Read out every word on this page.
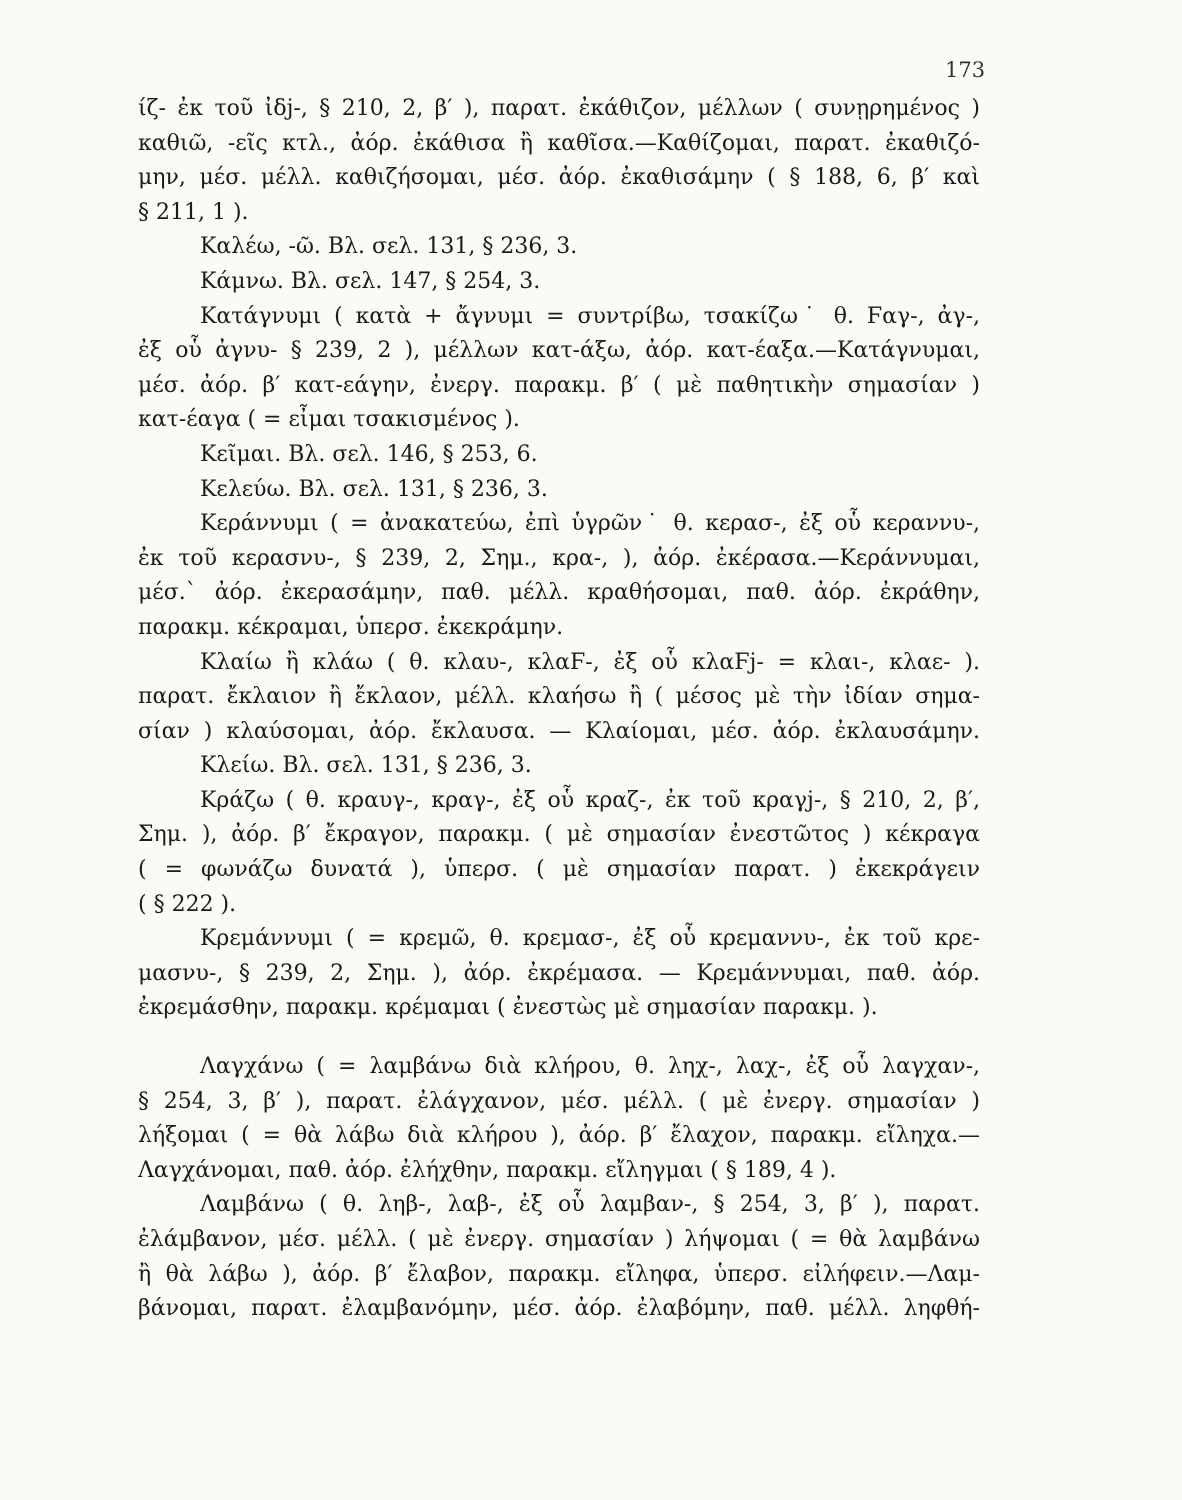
173
ίζ- ἐκ τοῦ ἰδj-, § 210, 2, β′ ), παρατ. ἐκάθιζον, μέλλων ( συνῃρημένος )
καθιῶ, -εῖς κτλ., ἀόρ. ἐκάθισα ἢ καθῖσα.—Καθίζομαι, παρατ. ἐκαθιζό-
μην, μέσ. μέλλ. καθιζήσομαι, μέσ. ἀόρ. ἐκαθισάμην ( § 188, 6, β′ καὶ
§ 211, 1 ).
Καλέω, -ῶ. Βλ. σελ. 131, § 236, 3.
Κάμνω. Βλ. σελ. 147, § 254, 3.
Κατάγνυμι ( κατὰ + ἄγνυμι = συντρίβω, τσακίζω˙ θ. Ϝαγ-, ἀγ-,
ἐξ οὗ ἀγνυ- § 239, 2 ), μέλλων κατ-άξω, ἀόρ. κατ-έαξα.—Κατάγνυμαι,
μέσ. ἀόρ. β′ κατ-εάγην, ἐνεργ. παρακμ. β′ ( μὲ παθητικὴν σημασίαν )
κατ-έαγα ( = εἶμαι τσακισμένος ).
Κεῖμαι. Βλ. σελ. 146, § 253, 6.
Κελεύω. Βλ. σελ. 131, § 236, 3.
Κεράννυμι ( = ἀνακατεύω, ἐπὶ ὑγρῶν˙ θ. κερασ-, ἐξ οὗ κεραννυ-,
ἐκ τοῦ κερασνυ-, § 239, 2, Σημ., κρα-, ), ἀόρ. ἐκέρασα.—Κεράννυμαι,
μέσ.` ἀόρ. ἐκερασάμην, παθ. μέλλ. κραθήσομαι, παθ. ἀόρ. ἐκράθην,
παρακμ. κέκραμαι, ὑπερσ. ἐκεκράμην.
Κλαίω ἢ κλάω ( θ. κλαυ-, κλαϜ-, ἐξ οὗ κλαϜj- = κλαι-, κλαε- ).
παρατ. ἔκλαιον ἢ ἔκλαον, μέλλ. κλαήσω ἢ ( μέσος μὲ τὴν ἰδίαν σημα-
σίαν ) κλαύσομαι, ἀόρ. ἔκλαυσα. — Κλαίομαι, μέσ. ἀόρ. ἐκλαυσάμην.
Κλείω. Βλ. σελ. 131, § 236, 3.
Κράζω ( θ. κραυγ-, κραγ-, ἐξ οὗ κραζ-, ἐκ τοῦ κραγj-, § 210, 2, β′,
Σημ. ), ἀόρ. β′ ἔκραγον, παρακμ. ( μὲ σημασίαν ἐνεστῶτος ) κέκραγα
( = φωνάζω δυνατά ), ὑπερσ. ( μὲ σημασίαν παρατ. ) ἐκεκράγειν
( § 222 ).
Κρεμάννυμι ( = κρεμῶ, θ. κρεμασ-, ἐξ οὗ κρεμαννυ-, ἐκ τοῦ κρε-
μασνυ-, § 239, 2, Σημ. ), ἀόρ. ἐκρέμασα. — Κρεμάννυμαι, παθ. ἀόρ.
ἐκρεμάσθην, παρακμ. κρέμαμαι ( ἐνεστὼς μὲ σημασίαν παρακμ. ).
Λαγχάνω ( = λαμβάνω διὰ κλήρου, θ. ληχ-, λαχ-, ἐξ οὗ λαγχαν-,
§ 254, 3, β′ ), παρατ. ἐλάγχανον, μέσ. μέλλ. ( μὲ ἐνεργ. σημασίαν )
λήξομαι ( = θὰ λάβω διὰ κλήρου ), ἀόρ. β′ ἔλαχον, παρακμ. εἴληχα.—
Λαγχάνομαι, παθ. ἀόρ. ἐλήχθην, παρακμ. εἴληγμαι ( § 189, 4 ).
Λαμβάνω ( θ. ληβ-, λαβ-, ἐξ οὗ λαμβαν-, § 254, 3, β′ ), παρατ.
ἐλάμβανον, μέσ. μέλλ. ( μὲ ἐνεργ. σημασίαν ) λήψομαι ( = θὰ λαμβάνω
ἢ θὰ λάβω ), ἀόρ. β′ ἔλαβον, παρακμ. εἴληφα, ὑπερσ. εἰλήφειν.—Λαμ-
βάνομαι, παρατ. ἐλαμβανόμην, μέσ. ἀόρ. ἐλαβόμην, παθ. μέλλ. ληφθή-
